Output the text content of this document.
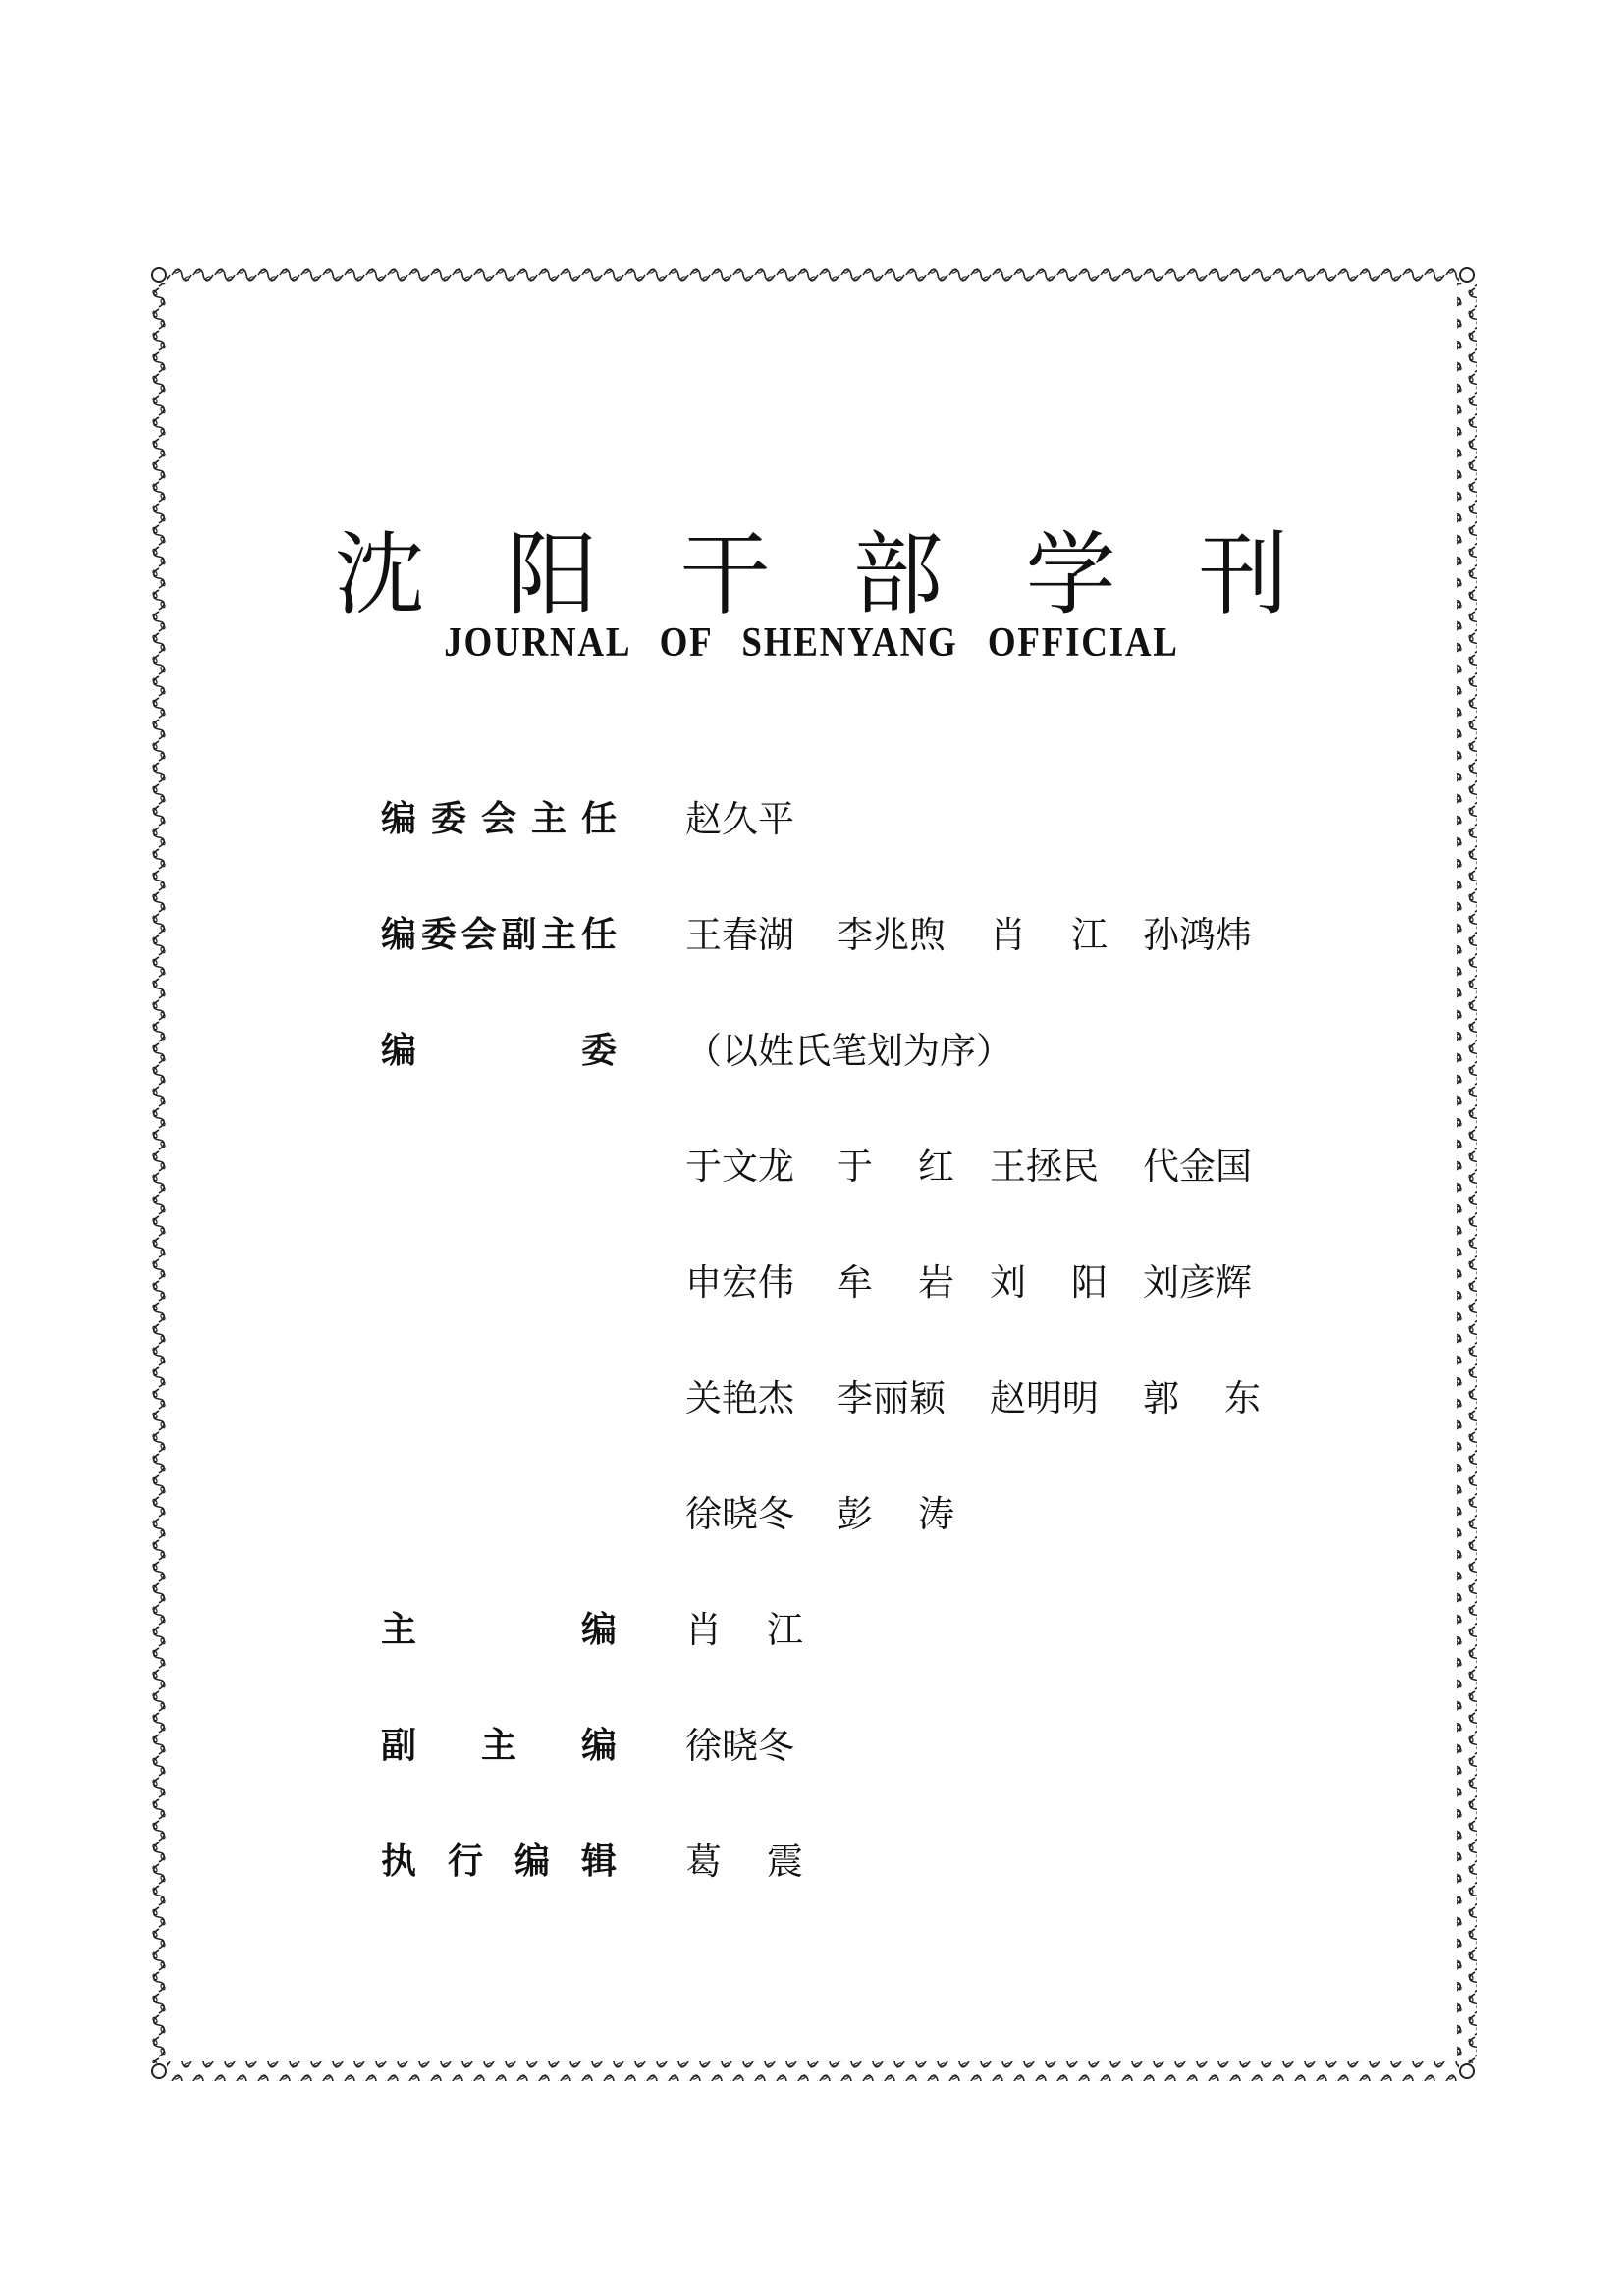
沈阳干部学刊
JOURNAL OF SHENYANG OFFICIAL
编 委 会 主 任 赵久平
编 委 会 副 主 任 王 春 湖 李 兆 煦 肖 江 孙 鸿 炜
编	委 （以姓氏笔划为序）
于 文 龙 于 红 王 拯 民 代 金 国
申 宏 伟 牟 岩 刘 阳 刘 彦 辉
关 艳 杰 李 丽 颖 赵 明 明 郭 东
徐 晓 冬 彭 涛
主	编 肖 江
副 主 编 徐 晓 冬
执 行 编 辑 葛 震
